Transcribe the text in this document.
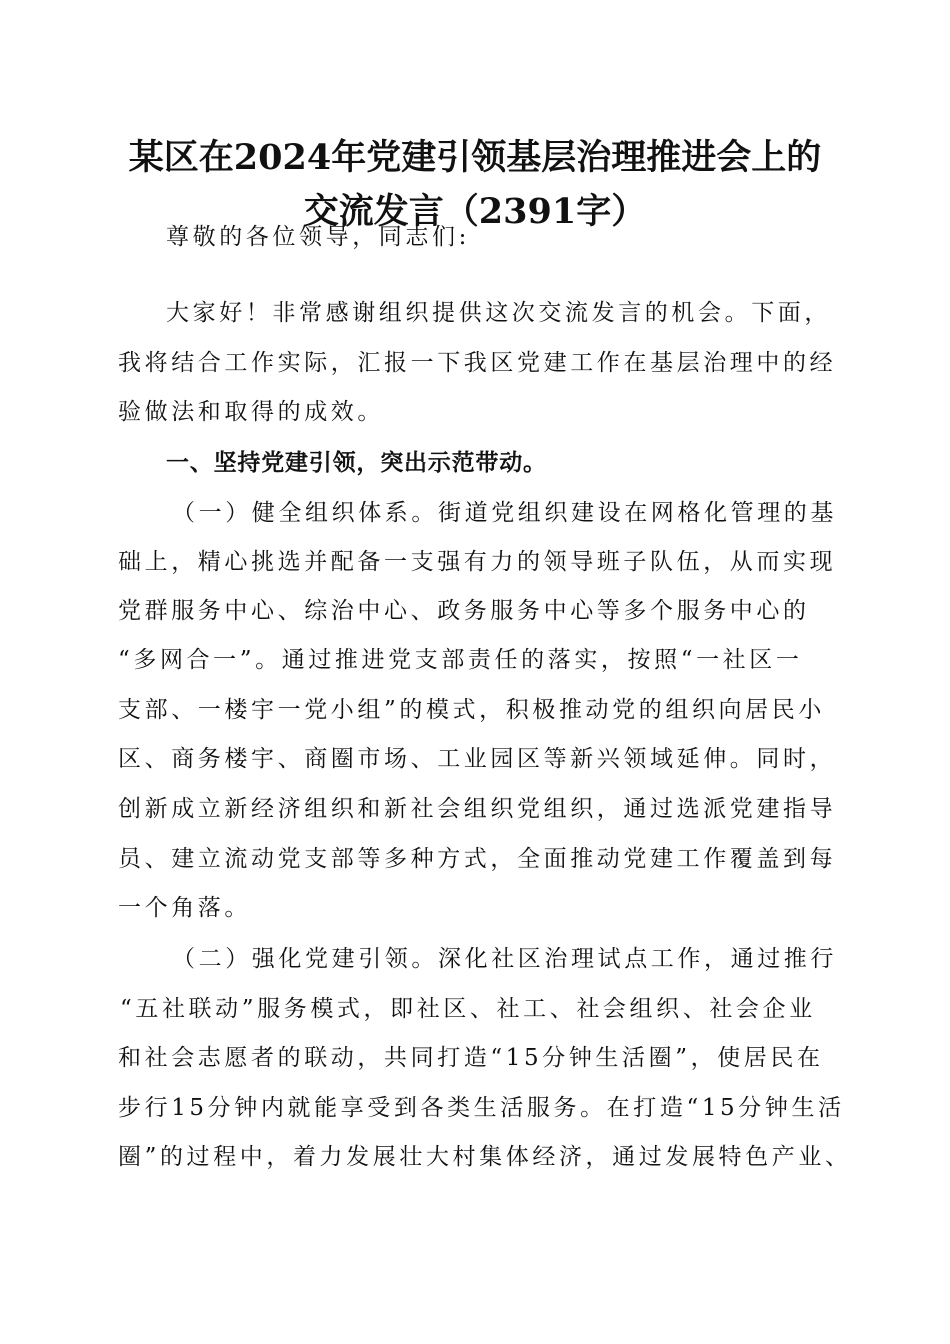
某区在2024年党建引领基层治理推进会上的
交流发言（2391字）

尊敬的各位领导，同志们:

大家好！非常感谢组织提供这次交流发言的机会。下面，

我将结合工作实际，汇报一下我区党建工作在基层治理中的经

验做法和取得的成效。

一、坚持党建引领，突出示范带动。

（一）健全组织体系。街道党组织建设在网格化管理的基

础上，精心挑选并配备一支强有力的领导班子队伍，从而实现

党群服务中心、综治中心、政务服务中心等多个服务中心的

“多网合一”。通过推进党支部责任的落实，按照“一社区一

支部、一楼宇一党小组”的模式，积极推动党的组织向居民小

区、商务楼宇、商圈市场、工业园区等新兴领域延伸。同时，

创新成立新经济组织和新社会组织党组织，通过选派党建指导

员、建立流动党支部等多种方式，全面推动党建工作覆盖到每

一个角落。

（二）强化党建引领。深化社区治理试点工作，通过推行

“五社联动”服务模式，即社区、社工、社会组织、社会企业

和社会志愿者的联动，共同打造“15分钟生活圈”，使居民在

步行15分钟内就能享受到各类生活服务。在打造“15分钟生活

圈”的过程中，着力发展壮大村集体经济，通过发展特色产业、
